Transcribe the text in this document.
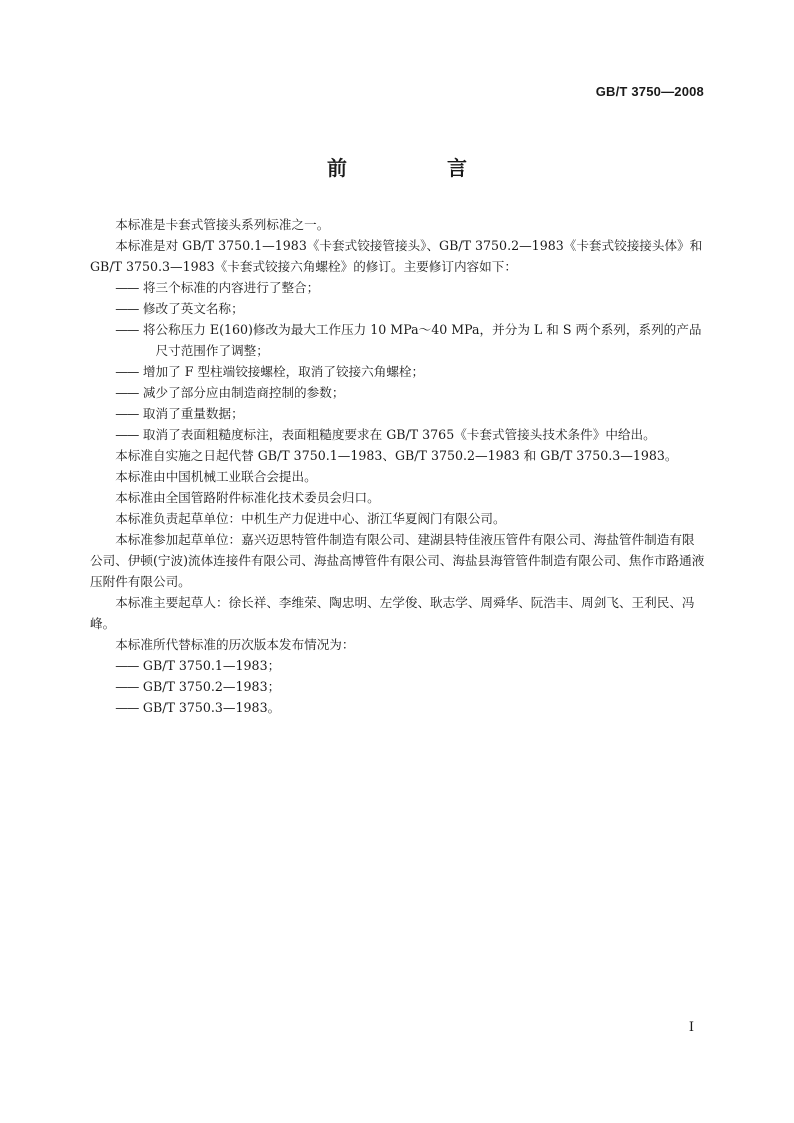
GB/T 3750—2008
前　言

本标准是卡套式管接头系列标准之一。

本标准是对 GB/T 3750.1—1983《卡套式铰接管接头》、GB/T 3750.2—1983《卡套式铰接接头体》和 GB/T 3750.3—1983《卡套式铰接六角螺栓》的修订。主要修订内容如下：

—— 将三个标准的内容进行了整合；

—— 修改了英文名称；

—— 将公称压力 E(160)修改为最大工作压力 10 MPa～40 MPa，并分为 L 和 S 两个系列，系列的产品尺寸范围作了调整；

—— 增加了 F 型柱端铰接螺栓，取消了铰接六角螺栓；

—— 减少了部分应由制造商控制的参数；

—— 取消了重量数据；

—— 取消了表面粗糙度标注，表面粗糙度要求在 GB/T 3765《卡套式管接头技术条件》中给出。

本标准自实施之日起代替 GB/T 3750.1—1983、GB/T 3750.2—1983 和 GB/T 3750.3—1983。

本标准由中国机械工业联合会提出。

本标准由全国管路附件标准化技术委员会归口。

本标准负责起草单位：中机生产力促进中心、浙江华夏阀门有限公司。

本标准参加起草单位：嘉兴迈思特管件制造有限公司、建湖县特佳液压管件有限公司、海盐管件制造有限公司、伊顿(宁波)流体连接件有限公司、海盐高博管件有限公司、海盐县海管管件制造有限公司、焦作市路通液压附件有限公司。

本标准主要起草人：徐长祥、李维荣、陶忠明、左学俊、耿志学、周舜华、阮浩丰、周剑飞、王利民、冯峰。

本标准所代替标准的历次版本发布情况为：

—— GB/T 3750.1—1983；

—— GB/T 3750.2—1983；

—— GB/T 3750.3—1983。

I
